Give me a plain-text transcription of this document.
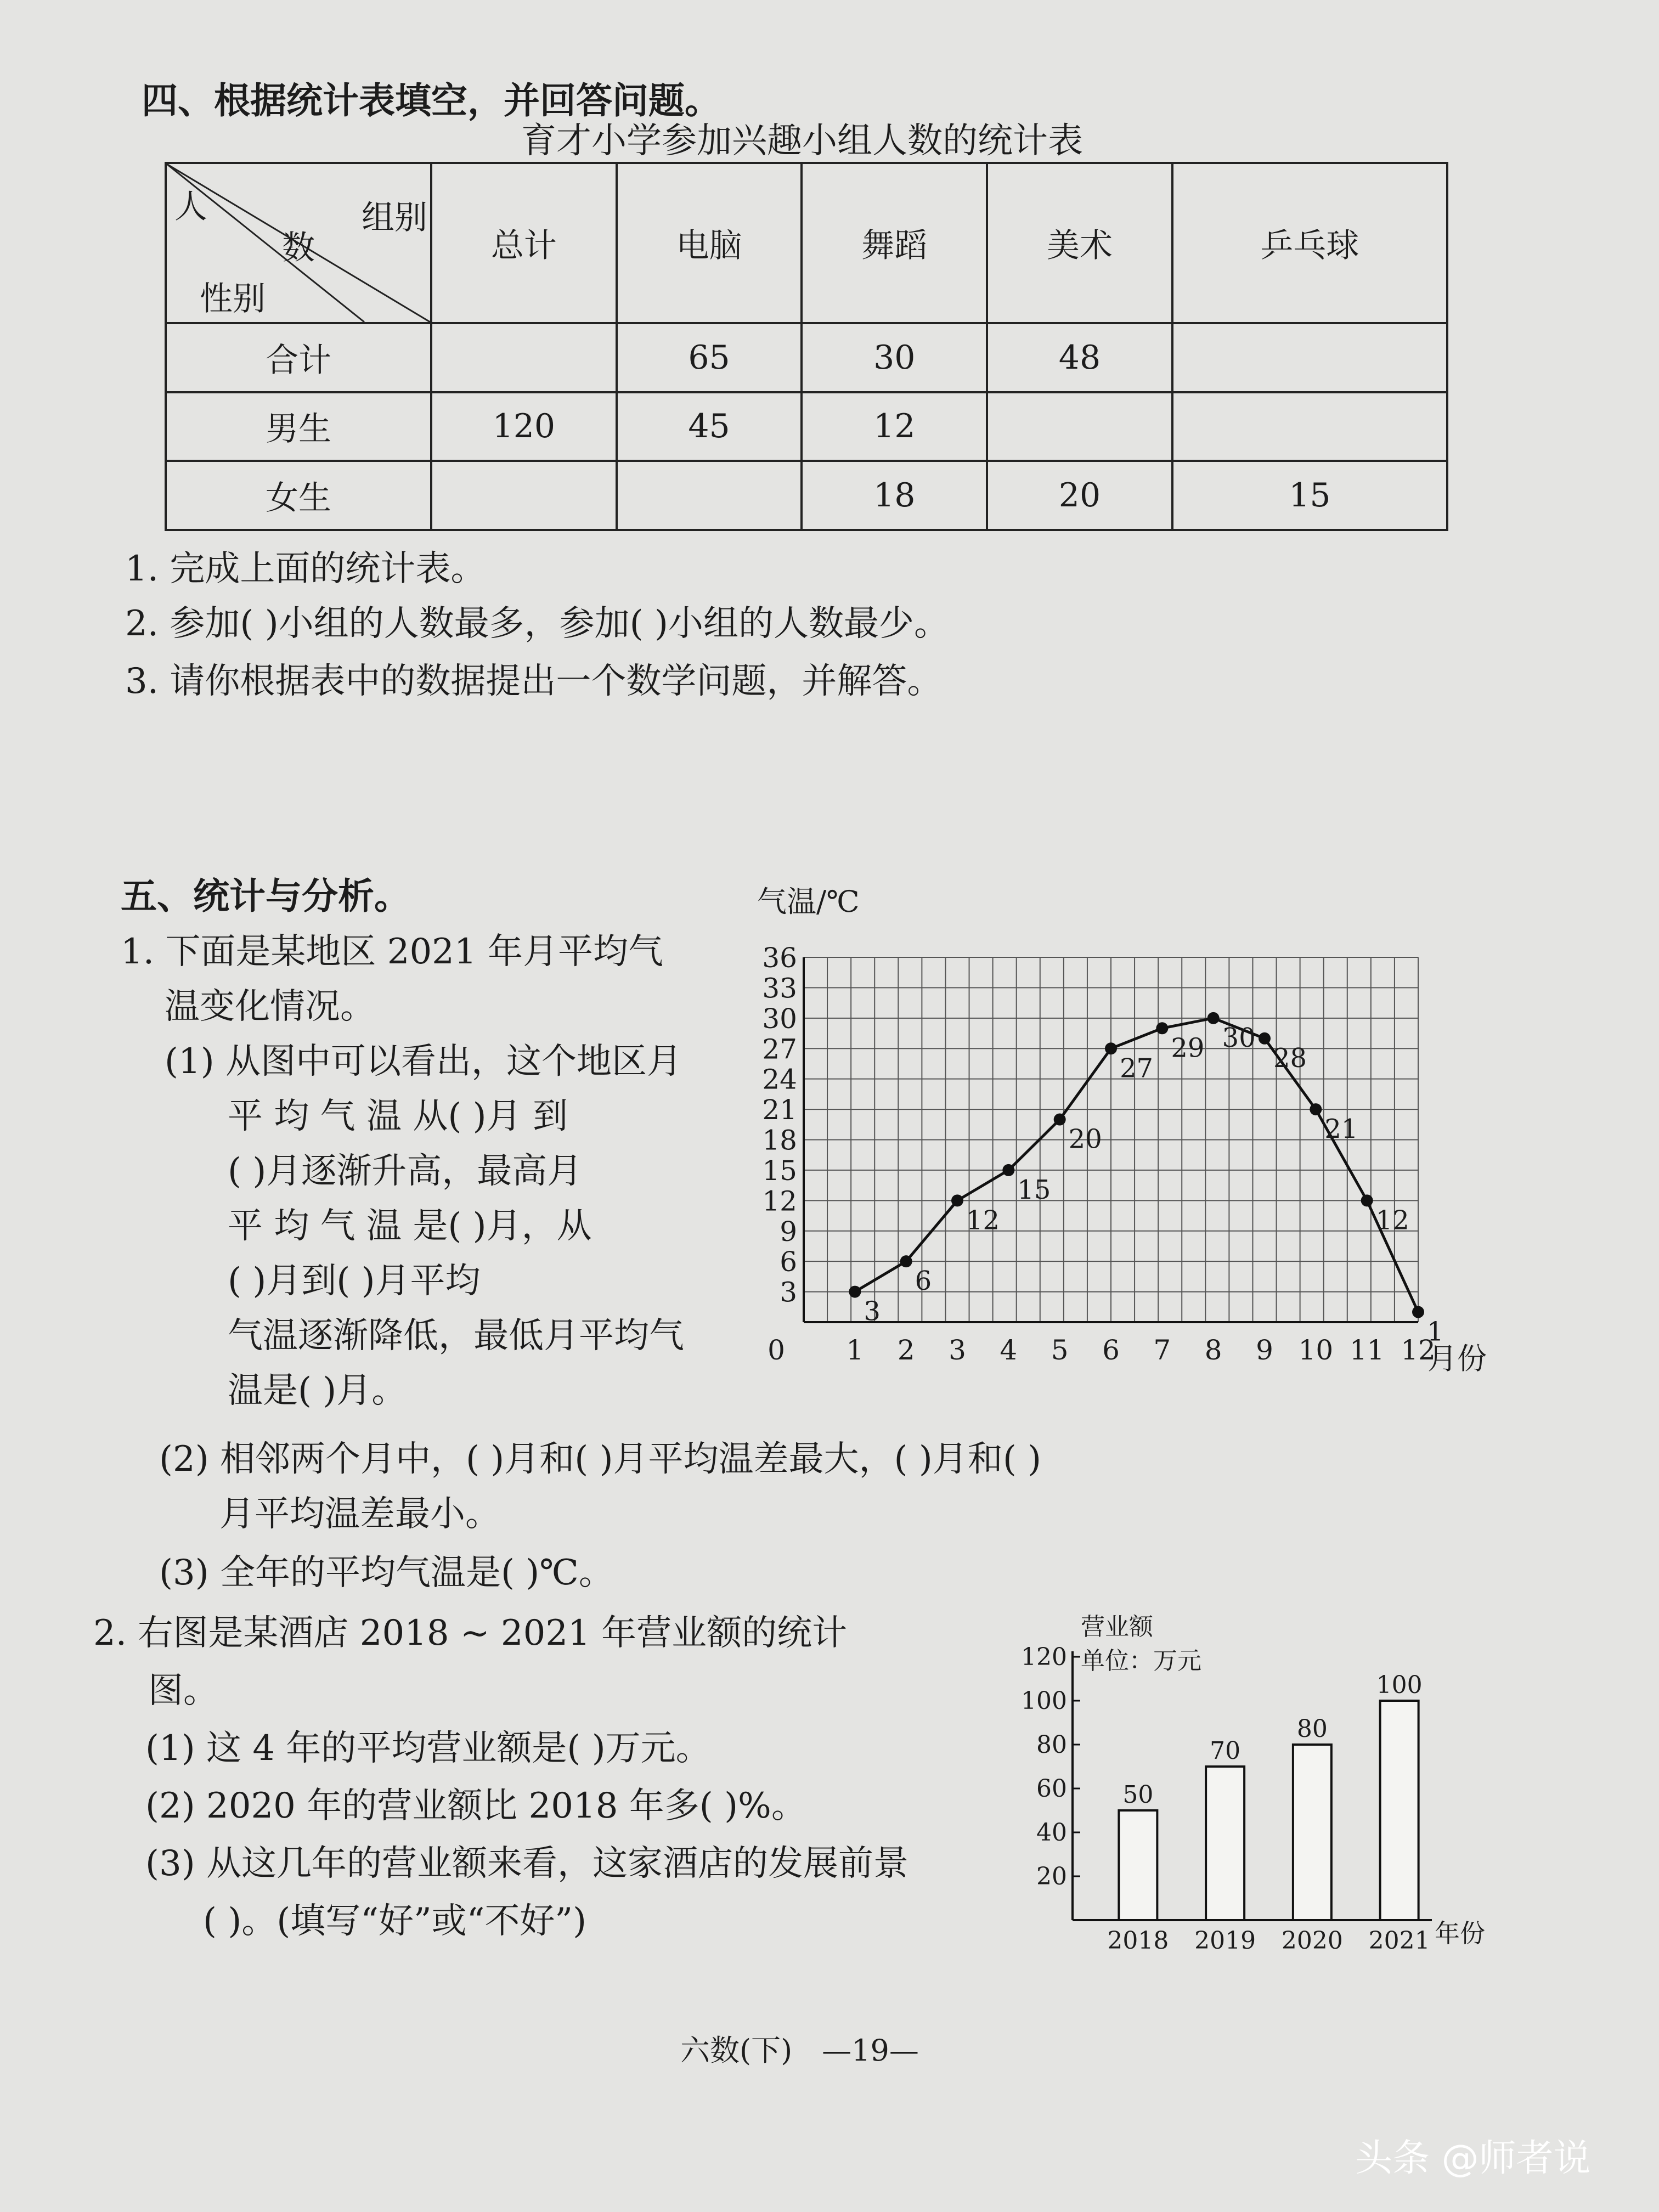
四、根据统计表填空，并回答问题。
育才小学参加兴趣小组人数的统计表
人
数
组别
性别	总计	电脑	舞蹈	美术	乒乓球
合计		65	30	48	
男生	120	45	12		
女生			18	20	15
1. 完成上面的统计表。
2. 参加( )小组的人数最多，参加( )小组的人数最少。
3. 请你根据表中的数据提出一个数学问题，并解答。
五、统计与分析。
1. 下面是某地区 2021 年月平均气
温变化情况。
(1) 从图中可以看出，这个地区月
平 均 气 温 从( )月 到
( )月逐渐升高，最高月
平 均 气 温 是( )月，从
( )月到( )月平均
气温逐渐降低，最低月平均气
温是( )月。
3
6
9
12
15
18
21
24
27
30
33
36
0 1 2 3 4 5 6 7 8 9 10 11 12
3
6
12
15
20
27
29 30
28
21
12
1
气温/℃
月份
(2) 相邻两个月中，( )月和( )月平均温差最大，( )月和( )
月平均温差最小。
(3) 全年的平均气温是( )℃。
2. 右图是某酒店 2018 ~ 2021 年营业额的统计
图。
(1) 这 4 年的平均营业额是( )万元。
(2) 2020 年的营业额比 2018 年多( )%。
(3) 从这几年的营业额来看，这家酒店的发展前景
( )。(填写“好”或“不好”)
20
40
60
80
100
120
50
70
80
100
2018 2019 2020 2021
营业额
单位：万元
年份
六数(下)　—19—
头条 @师者说
